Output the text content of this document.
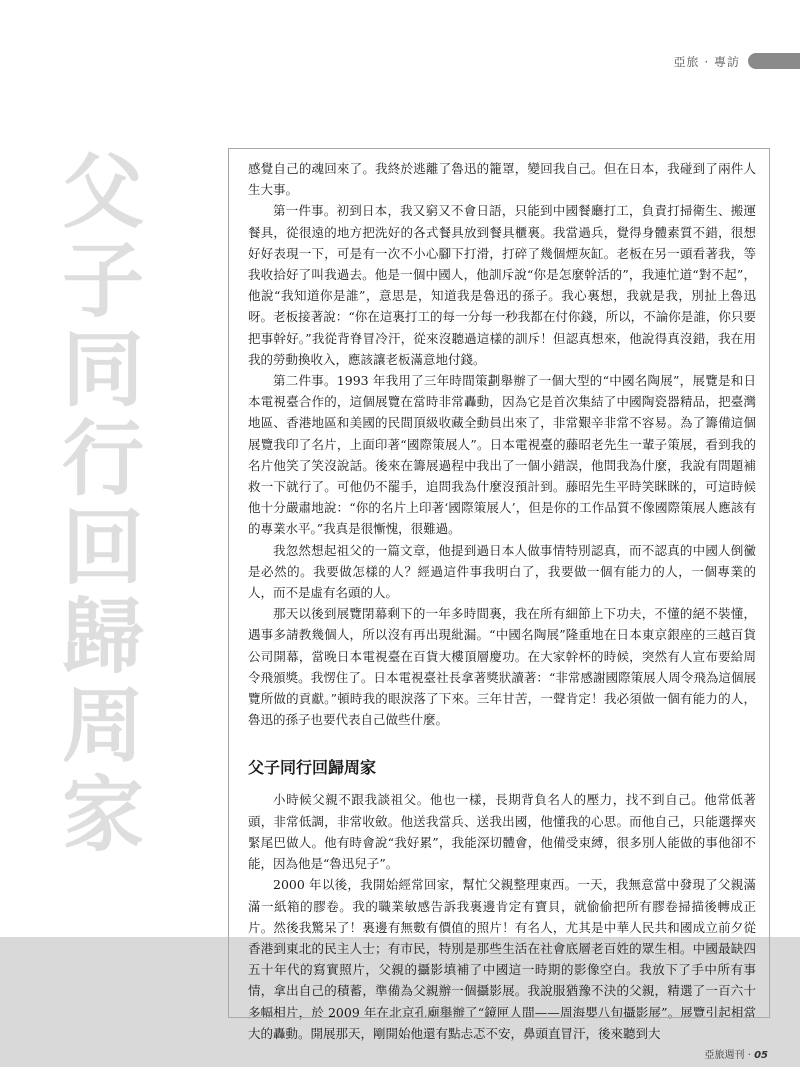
亞旅 · 專訪
父子同行回歸周家

感覺自己的魂回來了。我終於逃離了魯迅的籠罩，變回我自己。但在日本，我碰到了兩件人生大事。

第一件事。初到日本，我又窮又不會日語，只能到中國餐廳打工，負責打掃衛生、搬運餐具，從很遠的地方把洗好的各式餐具放到餐具櫃裏。我當過兵，覺得身體素質不錯，很想好好表現一下，可是有一次不小心腳下打滑，打碎了幾個煙灰缸。老板在另一頭看著我，等我收拾好了叫我過去。他是一個中國人，他訓斥說“你是怎麼幹活的”，我連忙道“對不起”，他說“我知道你是誰”，意思是，知道我是魯迅的孫子。我心裏想，我就是我，別扯上魯迅呀。老板接著說：“你在這裏打工的每一分每一秒我都在付你錢，所以，不論你是誰，你只要把事幹好。”我從背脊冒冷汗，從來沒聽過這樣的訓斥！但認真想來，他說得真沒錯，我在用我的勞動換收入，應該讓老板滿意地付錢。

第二件事。1993 年我用了三年時間策劃舉辦了一個大型的“中國名陶展”，展覽是和日本電視臺合作的，這個展覽在當時非常轟動，因為它是首次集結了中國陶瓷器精品，把臺灣地區、香港地區和美國的民間頂級收藏全動員出來了，非常艱辛非常不容易。為了籌備這個展覽我印了名片，上面印著“國際策展人”。日本電視臺的藤昭老先生一輩子策展，看到我的名片他笑了笑沒說話。後來在籌展過程中我出了一個小錯誤，他問我為什麼，我說有問題補救一下就行了。可他仍不罷手，追問我為什麼沒預計到。藤昭先生平時笑眯眯的，可這時候他十分嚴肅地說：“你的名片上印著‘國際策展人’，但是你的工作品質不像國際策展人應該有的專業水平。”我真是很慚愧，很難過。

我忽然想起祖父的一篇文章，他提到過日本人做事情特別認真，而不認真的中國人倒黴是必然的。我要做怎樣的人？經過這件事我明白了，我要做一個有能力的人，一個專業的人，而不是虛有名頭的人。

那天以後到展覽閉幕剩下的一年多時間裏，我在所有細節上下功夫，不懂的絕不裝懂，遇事多請教幾個人，所以沒有再出現紕漏。“中國名陶展”隆重地在日本東京銀座的三越百貨公司開幕，當晚日本電視臺在百貨大樓頂層慶功。在大家幹杯的時候，突然有人宣布要給周令飛頒獎。我愣住了。日本電視臺社長拿著獎狀讀著：“非常感謝國際策展人周令飛為這個展覽所做的貢獻。”頓時我的眼淚落了下來。三年甘苦，一聲肯定！我必須做一個有能力的人，魯迅的孫子也要代表自己做些什麼。

父子同行回歸周家

小時候父親不跟我談祖父。他也一樣，長期背負名人的壓力，找不到自己。他常低著頭，非常低調，非常收斂。他送我當兵、送我出國，他懂我的心思。而他自己，只能選擇夾緊尾巴做人。他有時會說“我好累”，我能深切體會，他備受束縛，很多別人能做的事他卻不能，因為他是“魯迅兒子”。

2000 年以後，我開始經常回家，幫忙父親整理東西。一天，我無意當中發現了父親滿滿一紙箱的膠卷。我的職業敏感告訴我裏邊肯定有寶貝，就偷偷把所有膠卷掃描後轉成正片。然後我驚呆了！裏邊有無數有價值的照片！有名人，尤其是中華人民共和國成立前夕從香港到東北的民主人士；有市民，特別是那些生活在社會底層老百姓的眾生相。中國最缺四五十年代的寫實照片，父親的攝影填補了中國這一時期的影像空白。我放下了手中所有事情，拿出自己的積蓄，準備為父親辦一個攝影展。我說服猶豫不決的父親，精選了一百六十多幅相片，於 2009 年在北京孔廟舉辦了“鏡匣人間——周海嬰八旬攝影展”。展覽引起相當大的轟動。開展那天，剛開始他還有點忐忑不安，鼻頭直冒汗，後來聽到大

亞旅週刊 · 05
